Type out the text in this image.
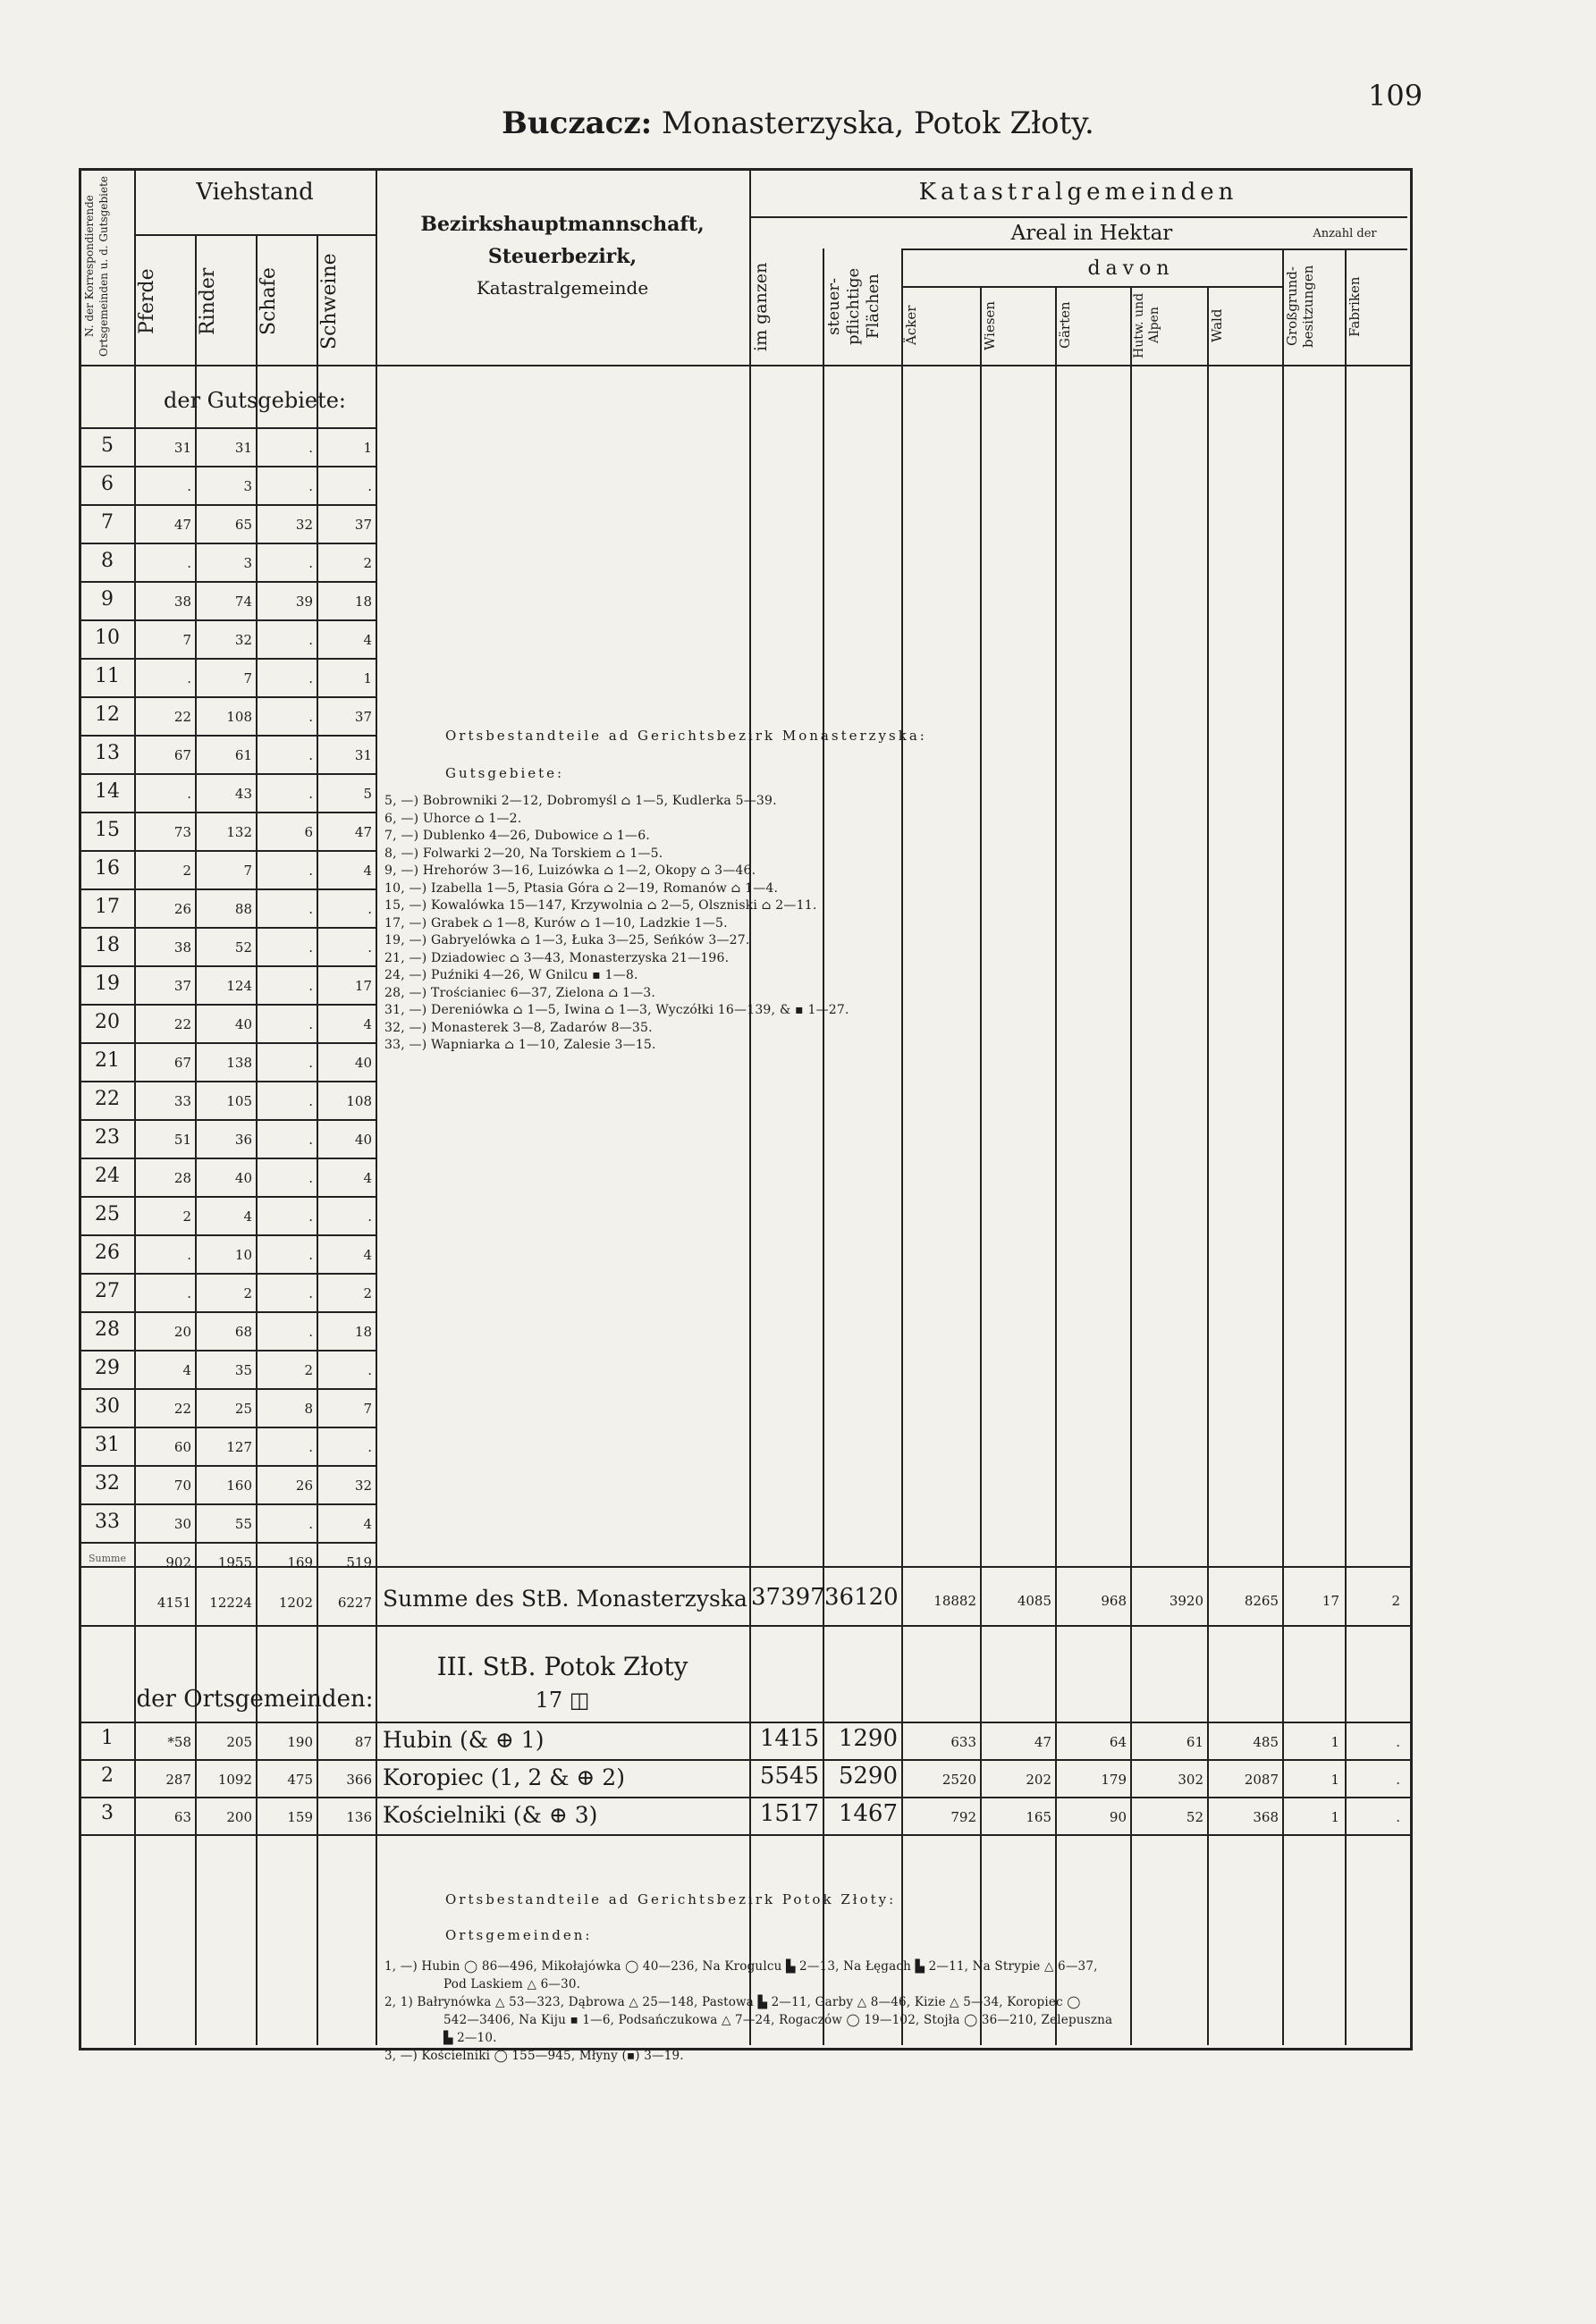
Buczacz: Monasterzyska, Potok Złoty.
109
N. der Korrespondierende Ortsgemeinden u. d. Gutsgebiete	Viehstand
Pferde	Rinder	Schafe	Schweine
Bezirkshauptmannschaft,
Steuerbezirk,
Katastralgemeinde
Katastralgemeinden
Areal in Hektar	Anzahl der
davon
im ganzen	steuer-pflichtige Flächen	Äcker	Wiesen	Gärten	Hutw. und Alpen	Wald	Großgrund-besitzungen	Fabriken
der Gutsgebiete:
5	31	31	.	1
6	.	3	.	.
7	47	65	32	37
8	.	3	.	2
9	38	74	39	18
10	7	32	.	4
11	.	7	.	1
12	22	108	.	37
13	67	61	.	31
14	.	43	.	5
15	73	132	6	47
16	2	7	.	4
17	26	88	.	.
18	38	52	.	.
19	37	124	.	17
20	22	40	.	4
21	67	138	.	40
22	33	105	.	108
23	51	36	.	40
24	28	40	.	4
25	2	4	.	.
26	.	10	.	4
27	.	2	.	2
28	20	68	.	18
29	4	35	2	.
30	22	25	8	7
31	60	127	.	.
32	70	160	26	32
33	30	55	.	4
Summe	902	1955	169	519
Ortsbestandteile ad Gerichtsbezirk Monasterzyska:
Gutsgebiete:
5, —) Bobrowniki 2—12, Dobromyśl ⌂ 1—5, Kudlerka 5—39.
6, —) Uhorce ⌂ 1—2.
7, —) Dublenko 4—26, Dubowice ⌂ 1—6.
8, —) Folwarki 2—20, Na Torskiem ⌂ 1—5.
9, —) Hrehorów 3—16, Luizówka ⌂ 1—2, Okopy ⌂ 3—46.
10, —) Izabella 1—5, Ptasia Góra ⌂ 2—19, Romanów ⌂ 1—4.
15, —) Kowalówka 15—147, Krzywolnia ⌂ 2—5, Olszniski ⌂ 2—11.
17, —) Grabek ⌂ 1—8, Kurów ⌂ 1—10, Ladzkie 1—5.
19, —) Gabryelówka ⌂ 1—3, Łuka 3—25, Seńków 3—27.
21, —) Dziadowiec ⌂ 3—43, Monasterzyska 21—196.
24, —) Puźniki 4—26, W Gnilcu ▪ 1—8.
28, —) Trościaniec 6—37, Zielona ⌂ 1—3.
31, —) Dereniówka ⌂ 1—5, Iwina ⌂ 1—3, Wyczółki 16—139, & ▪ 1—27.
32, —) Monasterek 3—8, Zadarów 8—35.
33, —) Wapniarka ⌂ 1—10, Zalesie 3—15.
4151	12224	1202	6227 Summe des StB. Monasterzyska 37397 36120	18882	4085	968	3920	8265	17	2
III. StB. Potok Złoty
17 ◫
der Ortsgemeinden:
1	*58	205	190	87 Hubin (& ⊕ 1)	1415 1290	633	47	64	61	485	1	.
2	287	1092	475	366 Koropiec (1, 2 & ⊕ 2)	5545 5290	2520	202	179	302	2087	1	.
3	63	200	159	136 Kościelniki (& ⊕ 3)	1517 1467	792	165	90	52	368	1	.
Ortsbestandteile ad Gerichtsbezirk Potok Złoty:
Ortsgemeinden:
1, —) Hubin ◯ 86—496, Mikołajówka ◯ 40—236, Na Krogulcu ▙ 2—13, Na Łęgach ▙ 2—11, Na Strypie △ 6—37,
Pod Laskiem △ 6—30.
2, 1) Bałrynówka △ 53—323, Dąbrowa △ 25—148, Pastowa ▙ 2—11, Garby △ 8—46, Kizie △ 5—34, Koropiec ◯
542—3406, Na Kiju ▪ 1—6, Podsańczukowa △ 7—24, Rogaczów ◯ 19—102, Stojła ◯ 36—210, Zelepuszna
▙ 2—10.
3, —) Kościelniki ◯ 155—945, Młyny (▪) 3—19.
